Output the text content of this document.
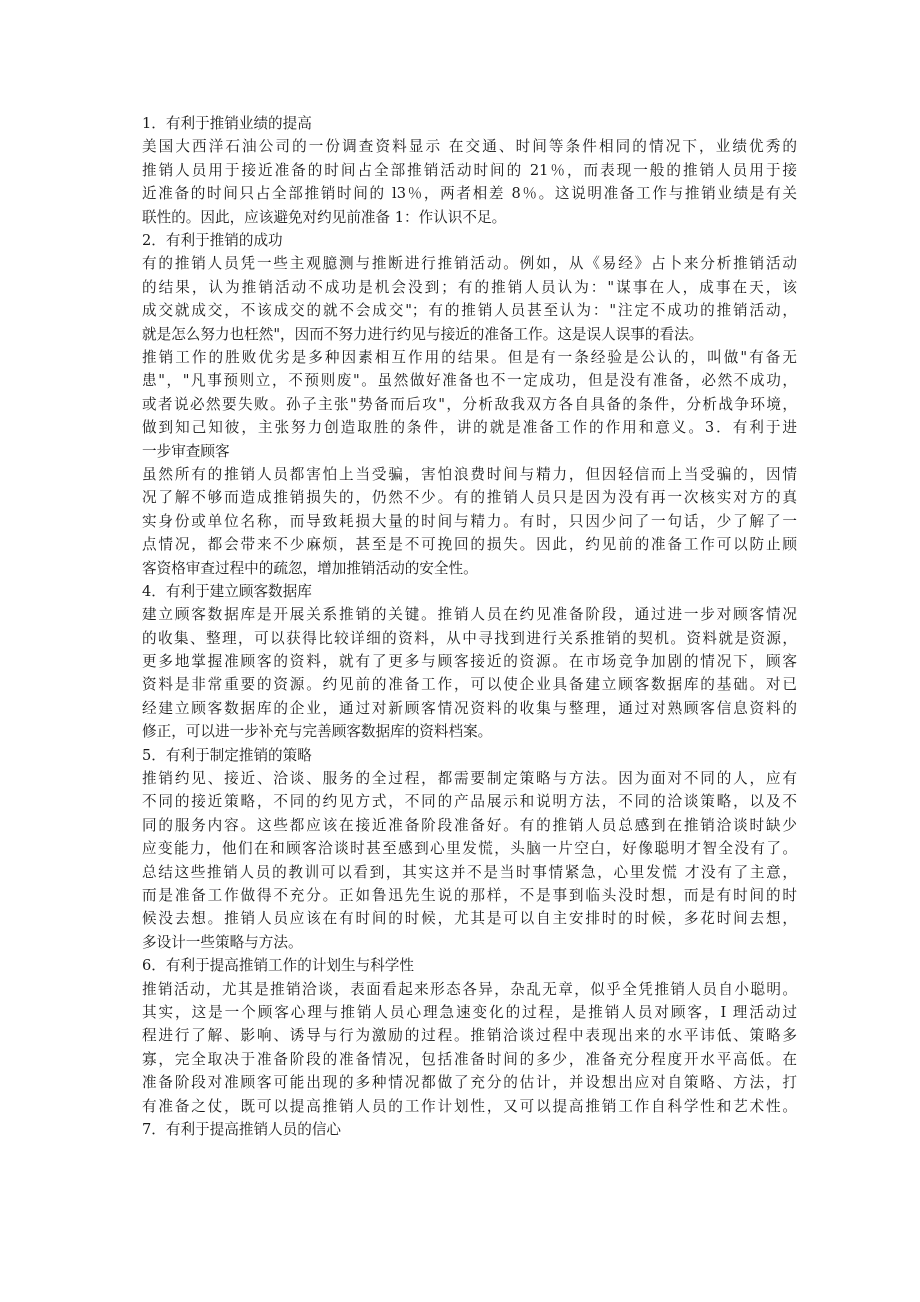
1．有利于推销业绩的提高
美国大西洋石油公司的一份调查资料显示 在交通、时间等条件相同的情况下，业绩优秀的
推销人员用于接近准备的时间占全部推销活动时间的 21％，而表现一般的推销人员用于接
近准备的时间只占全部推销时间的 l3％，两者相差 8％。这说明准备工作与推销业绩是有关
联性的。因此，应该避免对约见前准备 1：作认识不足。
2．有利于推销的成功
有的推销人员凭一些主观臆测与推断进行推销活动。例如，从《易经》占卜来分析推销活动
的结果，认为推销活动不成功是机会没到；有的推销人员认为："谋事在人，成事在天，该
成交就成交，不该成交的就不会成交"；有的推销人员甚至认为："注定不成功的推销活动，
就是怎么努力也枉然"，因而不努力进行约见与接近的准备工作。这是误人误事的看法。
推销工作的胜败优劣是多种因素相互作用的结果。但是有一条经验是公认的，叫做"有备无
患"，"凡事预则立，不预则废"。虽然做好准备也不一定成功，但是没有准备，必然不成功，
或者说必然要失败。孙子主张"势备而后攻"，分析敌我双方各自具备的条件，分析战争环境，
做到知己知彼，主张努力创造取胜的条件，讲的就是准备工作的作用和意义。3．有利于进
一步审查顾客
虽然所有的推销人员都害怕上当受骗，害怕浪费时间与精力，但因轻信而上当受骗的，因情
况了解不够而造成推销损失的，仍然不少。有的推销人员只是因为没有再一次核实对方的真
实身份或单位名称，而导致耗损大量的时间与精力。有时，只因少问了一句话，少了解了一
点情况，都会带来不少麻烦，甚至是不可挽回的损失。因此，约见前的准备工作可以防止顾
客资格审查过程中的疏忽，增加推销活动的安全性。
4．有利于建立顾客数据库
建立顾客数据库是开展关系推销的关键。推销人员在约见准备阶段，通过进一步对顾客情况
的收集、整理，可以获得比较详细的资料，从中寻找到进行关系推销的契机。资料就是资源，
更多地掌握准顾客的资料，就有了更多与顾客接近的资源。在市场竞争加剧的情况下，顾客
资料是非常重要的资源。约见前的准备工作，可以使企业具备建立顾客数据库的基础。对已
经建立顾客数据库的企业，通过对新顾客情况资料的收集与整理，通过对熟顾客信息资料的
修正，可以进一步补充与完善顾客数据库的资料档案。
5．有利于制定推销的策略
推销约见、接近、洽谈、服务的全过程，都需要制定策略与方法。因为面对不同的人，应有
不同的接近策略，不同的约见方式，不同的产品展示和说明方法，不同的洽谈策略，以及不
同的服务内容。这些都应该在接近准备阶段准备好。有的推销人员总感到在推销洽谈时缺少
应变能力，他们在和顾客洽谈时甚至感到心里发慌，头脑一片空白，好像聪明才智全没有了。
总结这些推销人员的教训可以看到，其实这并不是当时事情紧急，心里发慌 才没有了主意，
而是准备工作做得不充分。正如鲁迅先生说的那样，不是事到临头没时想，而是有时间的时
候没去想。推销人员应该在有时间的时候，尤其是可以自主安排时的时候，多花时间去想，
多设计一些策略与方法。
6．有利于提高推销工作的计划生与科学性
推销活动，尤其是推销洽谈，表面看起来形态各异，杂乱无章，似乎全凭推销人员自小聪明。
其实，这是一个顾客心理与推销人员心理急速变化的过程，是推销人员对顾客，I 理活动过
程进行了解、影响、诱导与行为激励的过程。推销洽谈过程中表现出来的水平讳低、策略多
寡，完全取决于准备阶段的准备情况，包括准备时间的多少，准备充分程度开水平高低。在
准备阶段对准顾客可能出现的多种情况都做了充分的估计，并设想出应对自策略、方法，打
有准备之仗，既可以提高推销人员的工作计划性，又可以提高推销工作自科学性和艺术性。
7．有利于提高推销人员的信心
